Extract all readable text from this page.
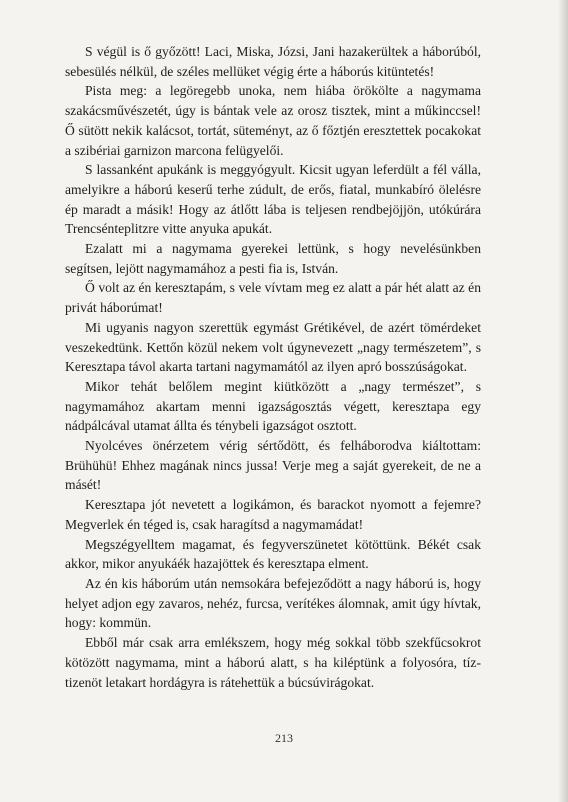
S végül is ő győzött! Laci, Miska, Józsi, Jani hazakerültek a háborúból, sebesülés nélkül, de széles mellüket végig érte a háborús kitüntetés!

Pista meg: a legöregebb unoka, nem hiába örökölte a nagymama szakácsművészetét, úgy is bántak vele az orosz tisztek, mint a műkinccsel! Ő sütött nekik kalácsot, tortát, süteményt, az ő főztjén eresztettek pocakokat a szibériai garnizon marcona felügyelői.

S lassanként apukánk is meggyógyult. Kicsit ugyan leferdült a fél válla, amelyikre a háború keserű terhe zúdult, de erős, fiatal, munkabíró ölelésre ép maradt a másik! Hogy az átlőtt lába is teljesen rendbejöjjön, utókúrára Trencsénteplitzre vitte anyuka apukát.

Ezalatt mi a nagymama gyerekei lettünk, s hogy nevelésünkben segítsen, lejött nagymamához a pesti fia is, István.

Ő volt az én keresztapám, s vele vívtam meg ez alatt a pár hét alatt az én privát háborúmat!

Mi ugyanis nagyon szerettük egymást Grétikével, de azért tömérdeket veszekedtünk. Kettőn közül nekem volt úgynevezett „nagy természetem”, s Keresztapa távol akarta tartani nagymamától az ilyen apró bosszúságokat.

Mikor tehát belőlem megint kiütközött a „nagy természet”, s nagymamához akartam menni igazságosztás végett, keresztapa egy nádpálcával utamat állta és ténybeli igazságot osztott.

Nyolcéves önérzetem vérig sértődött, és felháborodva kiáltottam: Brühühü! Ehhez magának nincs jussa! Verje meg a saját gyerekeit, de ne a másét!

Keresztapa jót nevetett a logikámon, és barackot nyomott a fejemre? Megverlek én téged is, csak haragítsd a nagymamádat!

Megszégyelltem magamat, és fegyverszünetet kötöttünk. Békét csak akkor, mikor anyukáék hazajöttek és keresztapa elment.

Az én kis háborúm után nemsokára befejeződött a nagy háború is, hogy helyet adjon egy zavaros, nehéz, furcsa, verítékes álomnak, amit úgy hívtak, hogy: kommün.

Ebből már csak arra emlékszem, hogy még sokkal több szekfűcsokrot kötözött nagymama, mint a háború alatt, s ha kiléptünk a folyosóra, tíz-tizenöt letakart hordágyra is rátehettük a búcsúvirágokat.

213
